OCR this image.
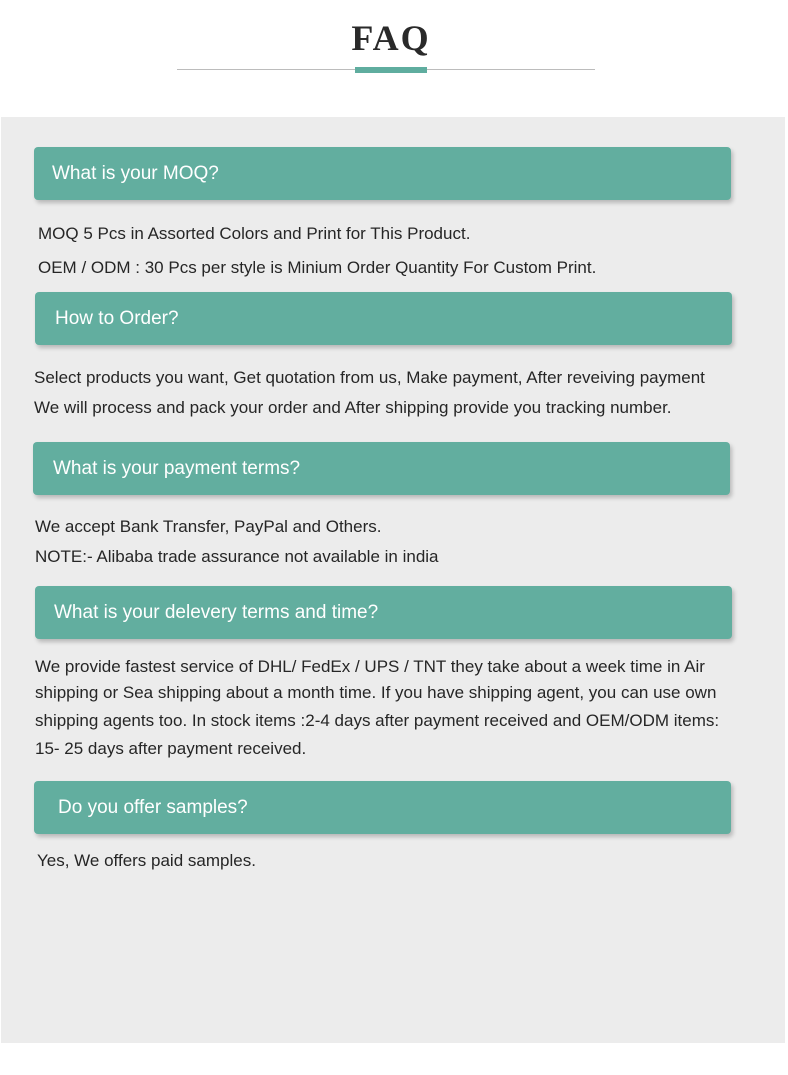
FAQ
What is your MOQ?
MOQ 5 Pcs in Assorted Colors and Print for This Product.
OEM / ODM : 30 Pcs per style is Minium Order Quantity For Custom Print.
How to Order?
Select products you want, Get quotation from us, Make payment, After reveiving payment
We will process and pack your order and After shipping provide you tracking number.
What is your payment terms?
We accept Bank Transfer, PayPal and Others.
NOTE:- Alibaba trade assurance not available in india
What is your delevery terms and time?
We provide fastest service of DHL/ FedEx / UPS / TNT they take about a week time in Air
shipping or Sea shipping about a month time. If you have shipping agent, you can use own
shipping agents too. In stock items :2-4 days after payment received and OEM/ODM items:
15- 25 days after payment received.
Do you offer samples?
Yes, We offers paid samples.
